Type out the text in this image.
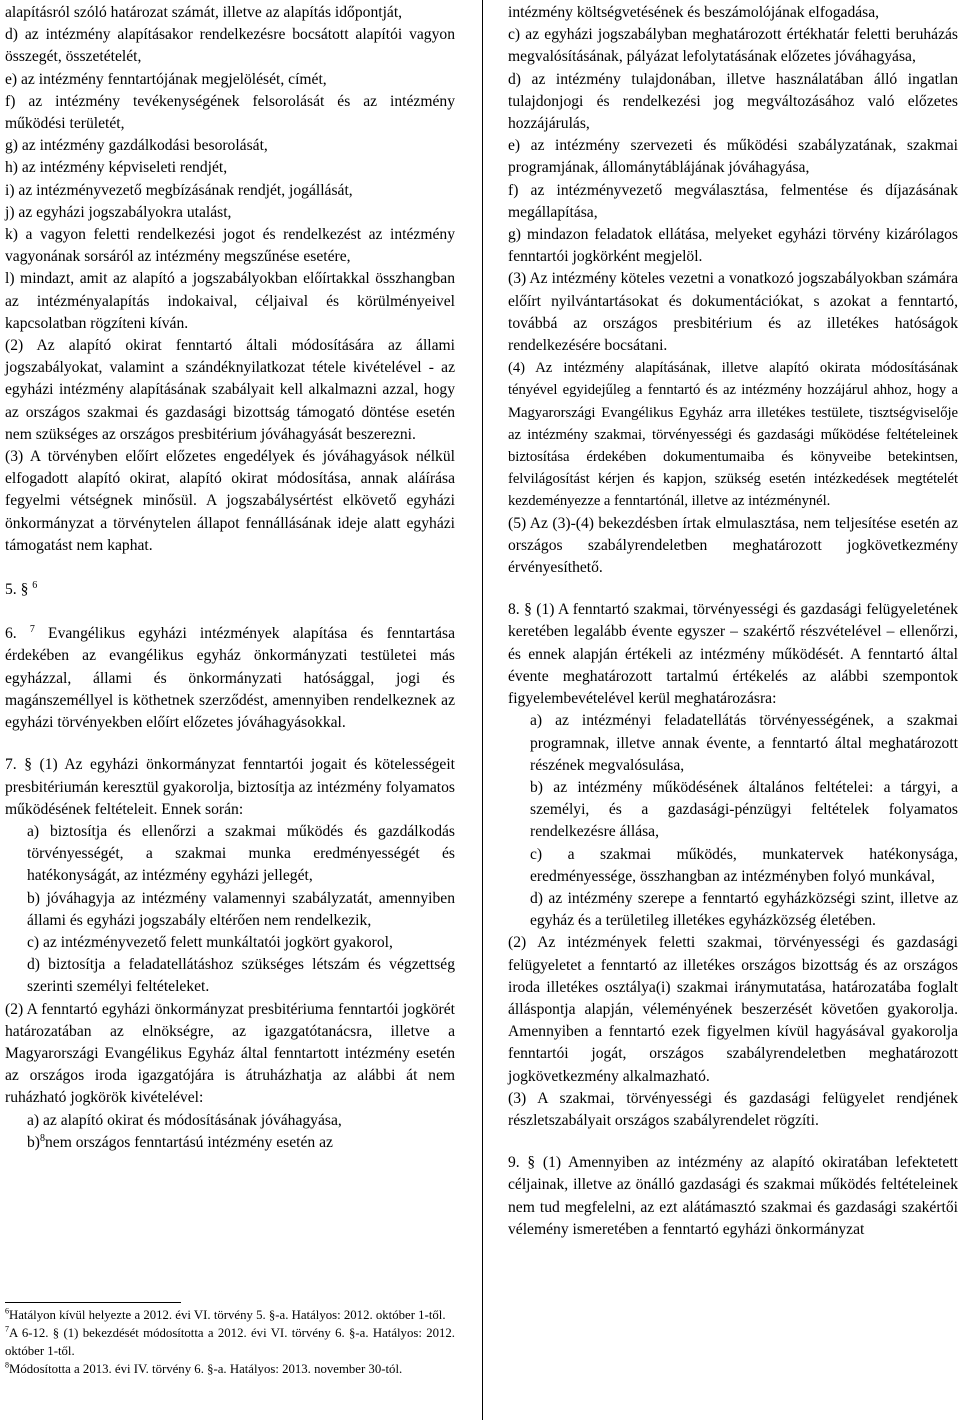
alapításról szóló határozat számát, illetve az alapítás időpontját,

d) az intézmény alapításakor rendelkezésre bocsátott alapítói vagyon összegét, összetételét,

e) az intézmény fenntartójának megjelölését, címét,

f) az intézmény tevékenységének felsorolását és az intézmény működési területét,

g) az intézmény gazdálkodási besorolását,

h) az intézmény képviseleti rendjét,

i) az intézményvezető megbízásának rendjét, jogállását,

j) az egyházi jogszabályokra utalást,

k) a vagyon feletti rendelkezési jogot és rendelkezést az intézmény vagyonának sorsáról az intézmény megszűnése esetére,

l) mindazt, amit az alapító a jogszabályokban előírtakkal összhangban az intézményalapítás indokaival, céljaival és körülményeivel kapcsolatban rögzíteni kíván.

(2) Az alapító okirat fenntartó általi módosítására az állami jogszabályokat, valamint a szándéknyilatkozat tétele kivételével - az egyházi intézmény alapításának szabályait kell alkalmazni azzal, hogy az országos szakmai és gazdasági bizottság támogató döntése esetén nem szükséges az országos presbitérium jóváhagyását beszerezni.

(3) A törvényben előírt előzetes engedélyek és jóváhagyások nélkül elfogadott alapító okirat, alapító okirat módosítása, annak aláírása fegyelmi vétségnek minősül. A jogszabálysértést elkövető egyházi önkormányzat a törvénytelen állapot fennállásának ideje alatt egyházi támogatást nem kaphat.

5. § $^6$

6. $^7$ Evangélikus egyházi intézmények alapítása és fenntartása érdekében az evangélikus egyház önkormányzati testületei más egyházzal, állami és önkormányzati hatósággal, jogi és magánszeméllyel is köthetnek szerződést, amennyiben rendelkeznek az egyházi törvényekben előírt előzetes jóváhagyásokkal.

7. § (1) Az egyházi önkormányzat fenntartói jogait és kötelességeit presbitériumán keresztül gyakorolja, biztosítja az intézmény folyamatos működésének feltételeit. Ennek során:

a) biztosítja és ellenőrzi a szakmai működés és gazdálkodás törvényességét, a szakmai munka eredményességét és hatékonyságát, az intézmény egyházi jellegét,

b) jóváhagyja az intézmény valamennyi szabályzatát, amennyiben állami és egyházi jogszabály eltérően nem rendelkezik,

c) az intézményvezető felett munkáltatói jogkört gyakorol,

d) biztosítja a feladatellátáshoz szükséges létszám és végzettség szerinti személyi feltételeket.

(2) A fenntartó egyházi önkormányzat presbitériuma fenntartói jogkörét határozatában az elnökségre, az igazgatótanácsra, illetve a Magyarországi Evangélikus Egyház által fenntartott intézmény esetén az országos iroda igazgatójára is átruházhatja az alábbi át nem ruházható jogkörök kivételével:

a) az alapító okirat és módosításának jóváhagyása,

b)$^8$nem országos fenntartású intézmény esetén az

$^6$Hatályon kívül helyezte a 2012. évi VI. törvény 5. §-a. Hatályos: 2012. október 1-től.

$^7$A 6-12. § (1) bekezdését módosította a 2012. évi VI. törvény 6. §-a. Hatályos: 2012. október 1-től.

$^8$Módosította a 2013. évi IV. törvény 6. §-a. Hatályos: 2013. november 30-tól.

intézmény költségvetésének és beszámolójának elfogadása,

c) az egyházi jogszabályban meghatározott értékhatár feletti beruházás megvalósításának, pályázat lefolytatásának előzetes jóváhagyása,

d) az intézmény tulajdonában, illetve használatában álló ingatlan tulajdonjogi és rendelkezési jog megváltozásához való előzetes hozzájárulás,

e) az intézmény szervezeti és működési szabályzatának, szakmai programjának, állománytáblájának jóváhagyása,

f) az intézményvezető megválasztása, felmentése és díjazásának megállapítása,

g) mindazon feladatok ellátása, melyeket egyházi törvény kizárólagos fenntartói jogkörként megjelöl.

(3) Az intézmény köteles vezetni a vonatkozó jogszabályokban számára előírt nyilvántartásokat és dokumentációkat, s azokat a fenntartó, továbbá az országos presbitérium és az illetékes hatóságok rendelkezésére bocsátani.

(4) Az intézmény alapításának, illetve alapító okirata módosításának tényével egyidejűleg a fenntartó és az intézmény hozzájárul ahhoz, hogy a Magyarországi Evangélikus Egyház arra illetékes testülete, tisztségviselője az intézmény szakmai, törvényességi és gazdasági működése feltételeinek biztosítása érdekében dokumentumaiba és könyveibe betekintsen, felvilágosítást kérjen és kapjon, szükség esetén intézkedések megtételét kezdeményezze a fenntartónál, illetve az intézménynél.

(5) Az (3)-(4) bekezdésben írtak elmulasztása, nem teljesítése esetén az országos szabályrendeletben meghatározott jogkövetkezmény érvényesíthető.

8. § (1) A fenntartó szakmai, törvényességi és gazdasági felügyeletének keretében legalább évente egyszer – szakértő részvételével – ellenőrzi, és ennek alapján értékeli az intézmény működését. A fenntartó által évente meghatározott tartalmú értékelés az alábbi szempontok figyelembevételével kerül meghatározásra:

a) az intézményi feladatellátás törvényességének, a szakmai programnak, illetve annak évente, a fenntartó által meghatározott részének megvalósulása,

b) az intézmény működésének általános feltételei: a tárgyi, a személyi, és a gazdasági-pénzügyi feltételek folyamatos rendelkezésre állása,

c) a szakmai működés, munkatervek hatékonysága, eredményessége, összhangban az intézményben folyó munkával,

d) az intézmény szerepe a fenntartó egyházközségi szint, illetve az egyház és a területileg illetékes egyházközség életében.

(2) Az intézmények feletti szakmai, törvényességi és gazdasági felügyeletet a fenntartó az illetékes országos bizottság és az országos iroda illetékes osztálya(i) szakmai iránymutatása, határozatába foglalt álláspontja alapján, véleményének beszerzését követően gyakorolja. Amennyiben a fenntartó ezek figyelmen kívül hagyásával gyakorolja fenntartói jogát, országos szabályrendeletben meghatározott jogkövetkezmény alkalmazható.

(3) A szakmai, törvényességi és gazdasági felügyelet rendjének részletszabályait országos szabályrendelet rögzíti.

9. § (1) Amennyiben az intézmény az alapító okiratában lefektetett céljainak, illetve az önálló gazdasági és szakmai működés feltételeinek nem tud megfelelni, az ezt alátámasztó szakmai és gazdasági szakértői vélemény ismeretében a fenntartó egyházi önkormányzat
